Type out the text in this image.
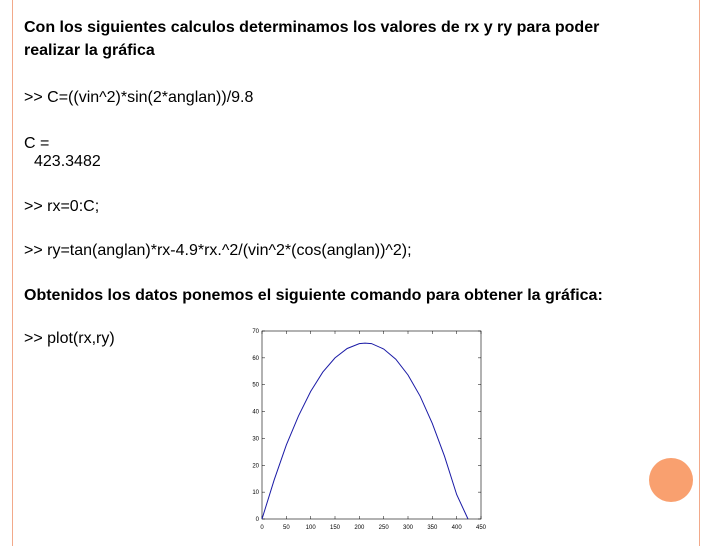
Con los siguientes calculos determinamos los valores de rx y ry para poder
realizar la gráfica
>> C=((vin^2)*sin(2*anglan))/9.8
C =
423.3482
>> rx=0:C;
>> ry=tan(anglan)*rx-4.9*rx.^2/(vin^2*(cos(anglan))^2);
Obtenidos los datos ponemos el siguiente comando para obtener la gráfica:
>> plot(rx,ry)
0	50	100 150 200 250 300 350 400 450
0
10
20
30
40
50
60
70
